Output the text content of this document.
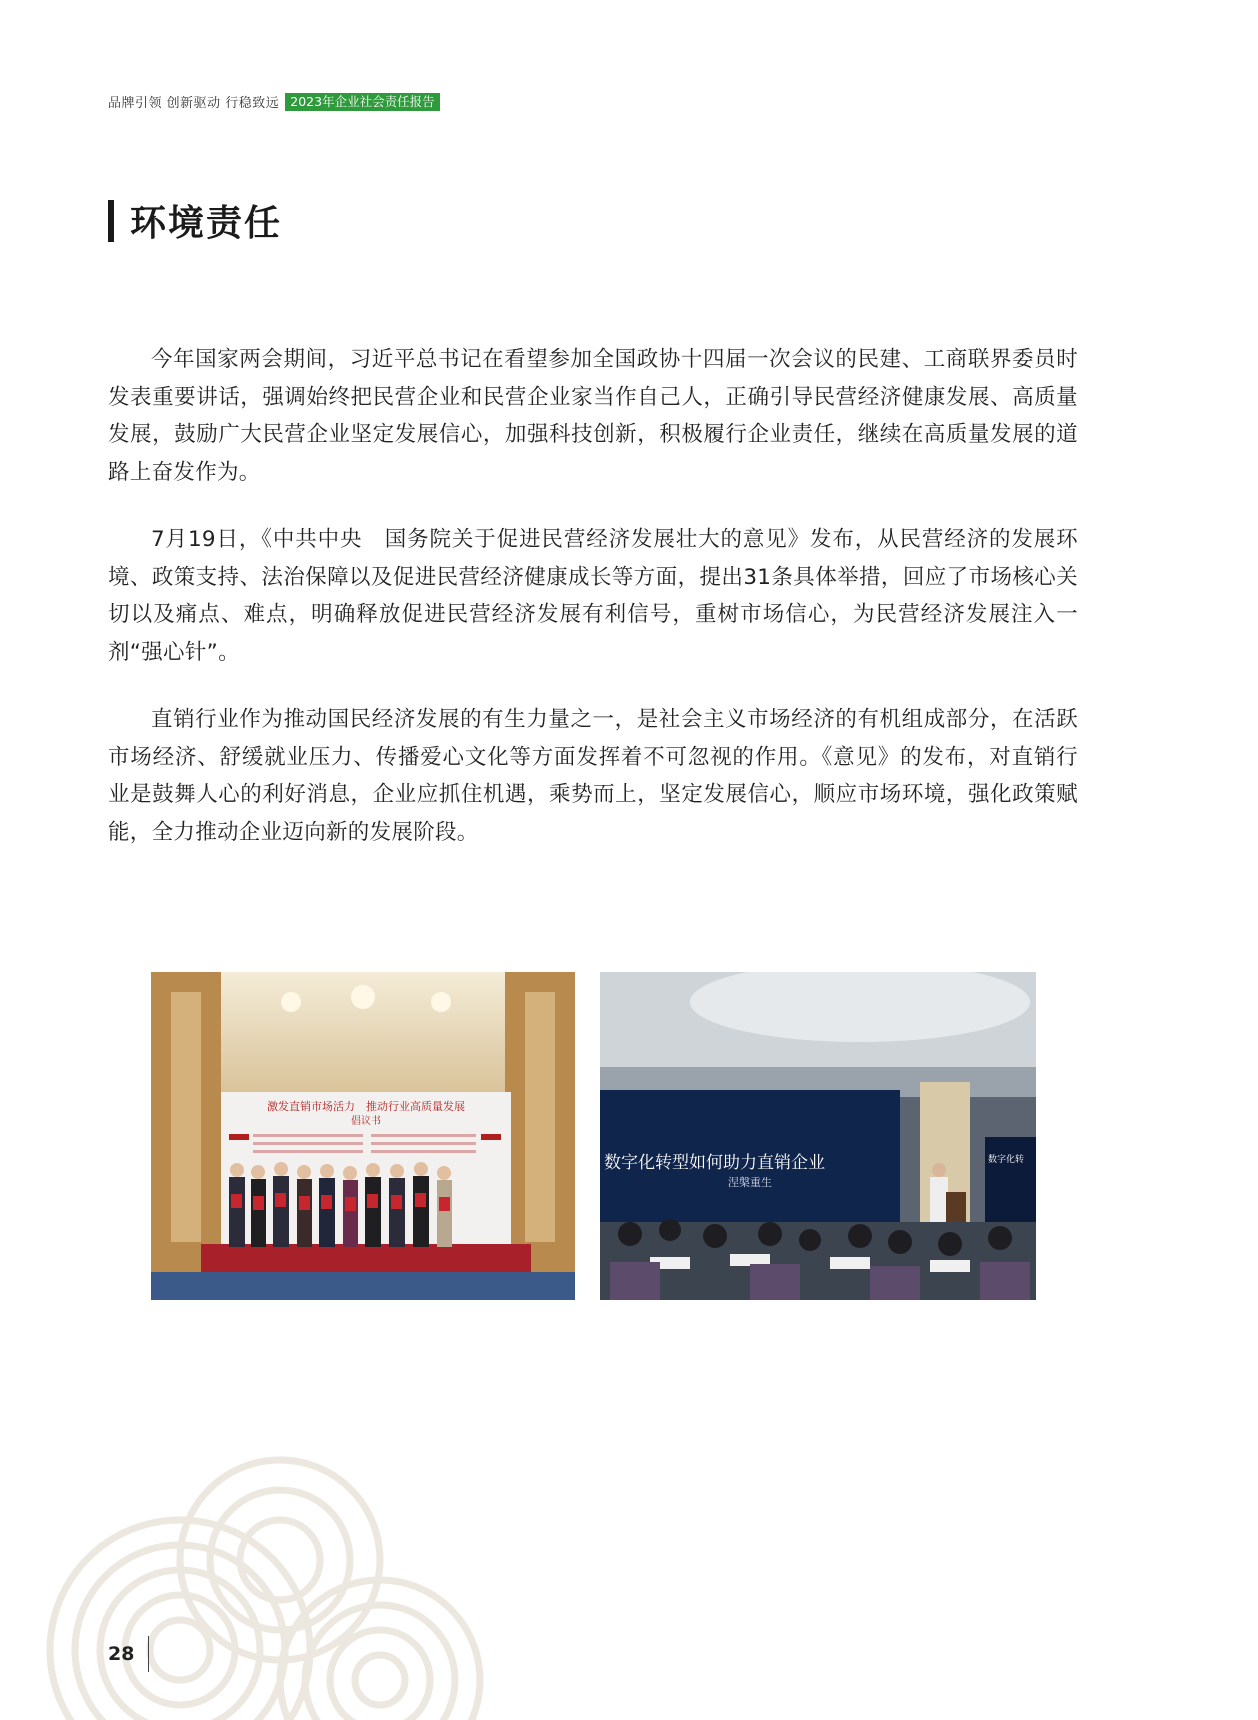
品牌引领 创新驱动 行稳致远 2023年企业社会责任报告
环境责任

今年国家两会期间，习近平总书记在看望参加全国政协十四届一次会议的民建、工商联界委员时发表重要讲话，强调始终把民营企业和民营企业家当作自己人，正确引导民营经济健康发展、高质量发展，鼓励广大民营企业坚定发展信心，加强科技创新，积极履行企业责任，继续在高质量发展的道路上奋发作为。

7月19日，《中共中央　国务院关于促进民营经济发展壮大的意见》发布，从民营经济的发展环境、政策支持、法治保障以及促进民营经济健康成长等方面，提出31条具体举措，回应了市场核心关切以及痛点、难点，明确释放促进民营经济发展有利信号，重树市场信心，为民营经济发展注入一剂“强心针”。

直销行业作为推动国民经济发展的有生力量之一，是社会主义市场经济的有机组成部分，在活跃市场经济、舒缓就业压力、传播爱心文化等方面发挥着不可忽视的作用。《意见》的发布，对直销行业是鼓舞人心的利好消息，企业应抓住机遇，乘势而上，坚定发展信心，顺应市场环境，强化政策赋能，全力推动企业迈向新的发展阶段。

激发直销市场活力　推动行业高质量发展
倡议书
数字化转型如何助力直销企业
涅槃重生
数字化转
28
